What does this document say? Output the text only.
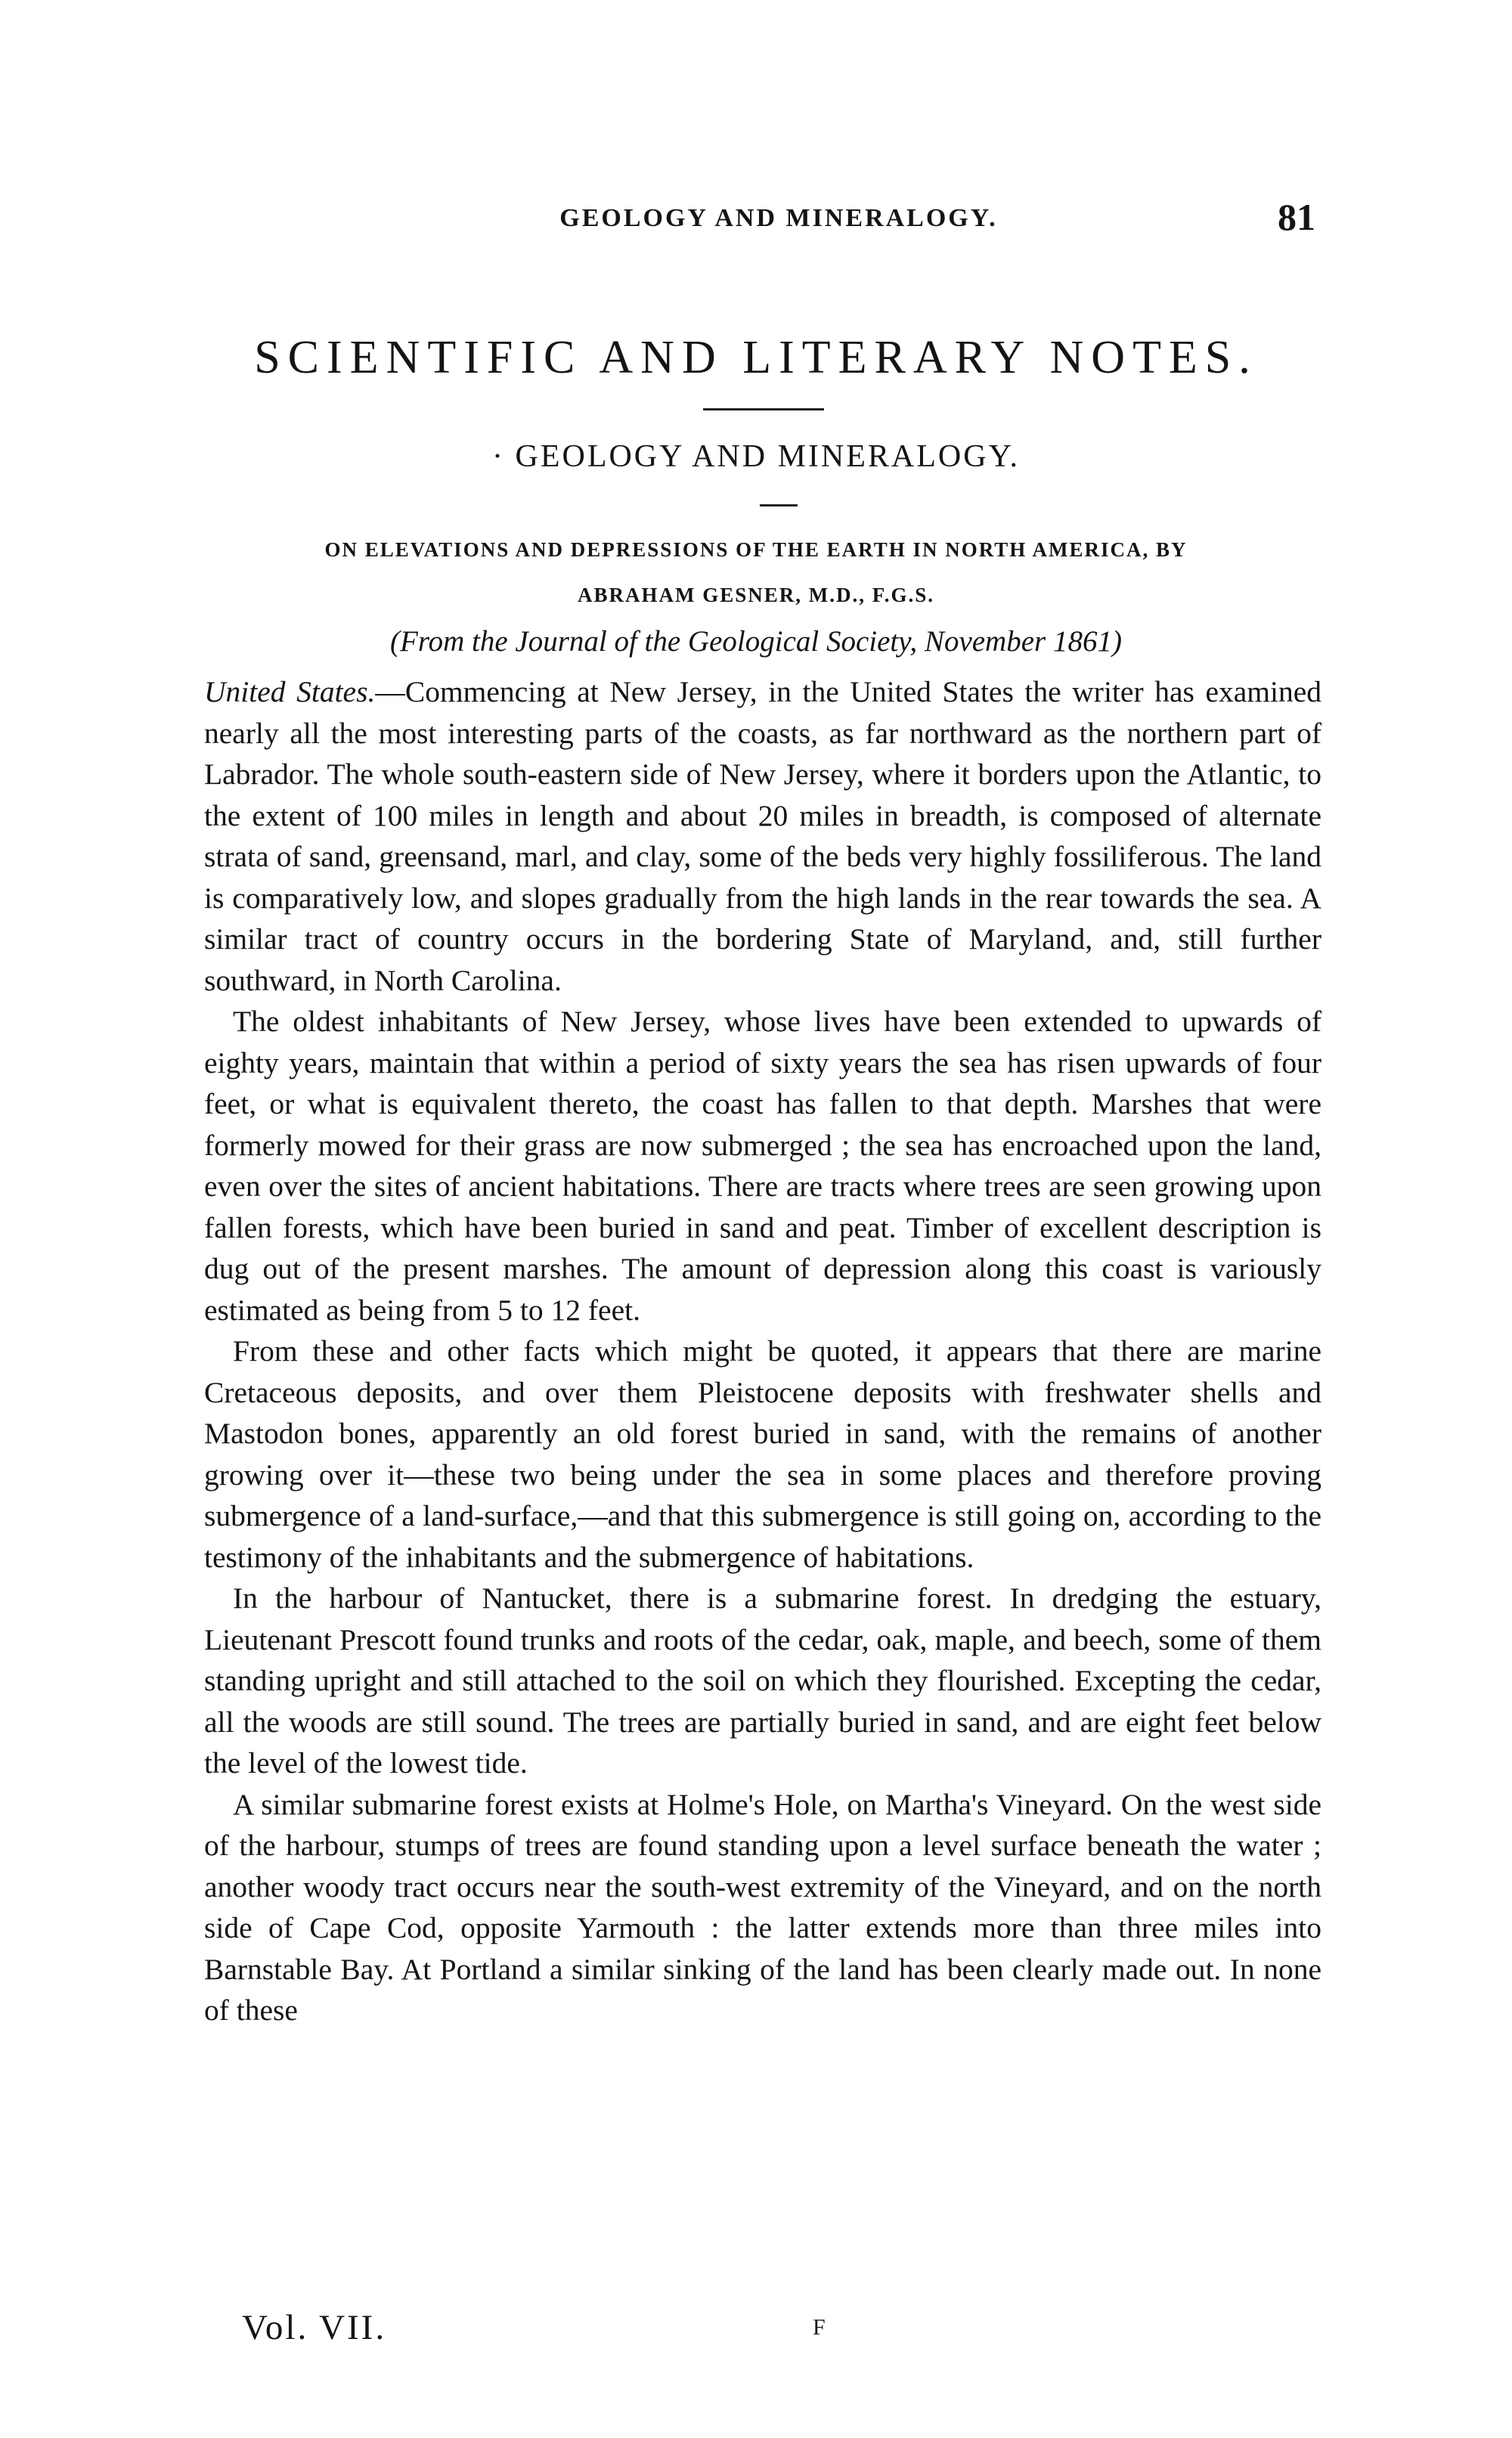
GEOLOGY AND MINERALOGY.	81
SCIENTIFIC AND LITERARY NOTES.
· GEOLOGY AND MINERALOGY.
ON ELEVATIONS AND DEPRESSIONS OF THE EARTH IN NORTH AMERICA, BY
ABRAHAM GESNER, M.D., F.G.S.
(From the Journal of the Geological Society, November 1861)

United States.—Commencing at New Jersey, in the United States the writer has examined nearly all the most interesting parts of the coasts, as far northward as the northern part of Labrador. The whole south-eastern side of New Jersey, where it borders upon the Atlantic, to the extent of 100 miles in length and about 20 miles in breadth, is composed of alternate strata of sand, greensand, marl, and clay, some of the beds very highly fossiliferous. The land is comparatively low, and slopes gradually from the high lands in the rear towards the sea. A similar tract of country occurs in the bordering State of Maryland, and, still further southward, in North Carolina.

The oldest inhabitants of New Jersey, whose lives have been extended to upwards of eighty years, maintain that within a period of sixty years the sea has risen upwards of four feet, or what is equivalent thereto, the coast has fallen to that depth. Marshes that were formerly mowed for their grass are now submerged ; the sea has encroached upon the land, even over the sites of ancient habitations. There are tracts where trees are seen growing upon fallen forests, which have been buried in sand and peat. Timber of excellent description is dug out of the present marshes. The amount of depression along this coast is variously estimated as being from 5 to 12 feet.

From these and other facts which might be quoted, it appears that there are marine Cretaceous deposits, and over them Pleistocene deposits with freshwater shells and Mastodon bones, apparently an old forest buried in sand, with the remains of another growing over it—these two being under the sea in some places and therefore proving submergence of a land-surface,—and that this submergence is still going on, according to the testimony of the inhabitants and the submergence of habitations.

In the harbour of Nantucket, there is a submarine forest. In dredging the estuary, Lieutenant Prescott found trunks and roots of the cedar, oak, maple, and beech, some of them standing upright and still attached to the soil on which they flourished. Excepting the cedar, all the woods are still sound. The trees are partially buried in sand, and are eight feet below the level of the lowest tide.

A similar submarine forest exists at Holme's Hole, on Martha's Vineyard. On the west side of the harbour, stumps of trees are found standing upon a level surface beneath the water ; another woody tract occurs near the south-west extremity of the Vineyard, and on the north side of Cape Cod, opposite Yarmouth : the latter extends more than three miles into Barnstable Bay. At Portland a similar sinking of the land has been clearly made out. In none of these

Vol. VII.	F
